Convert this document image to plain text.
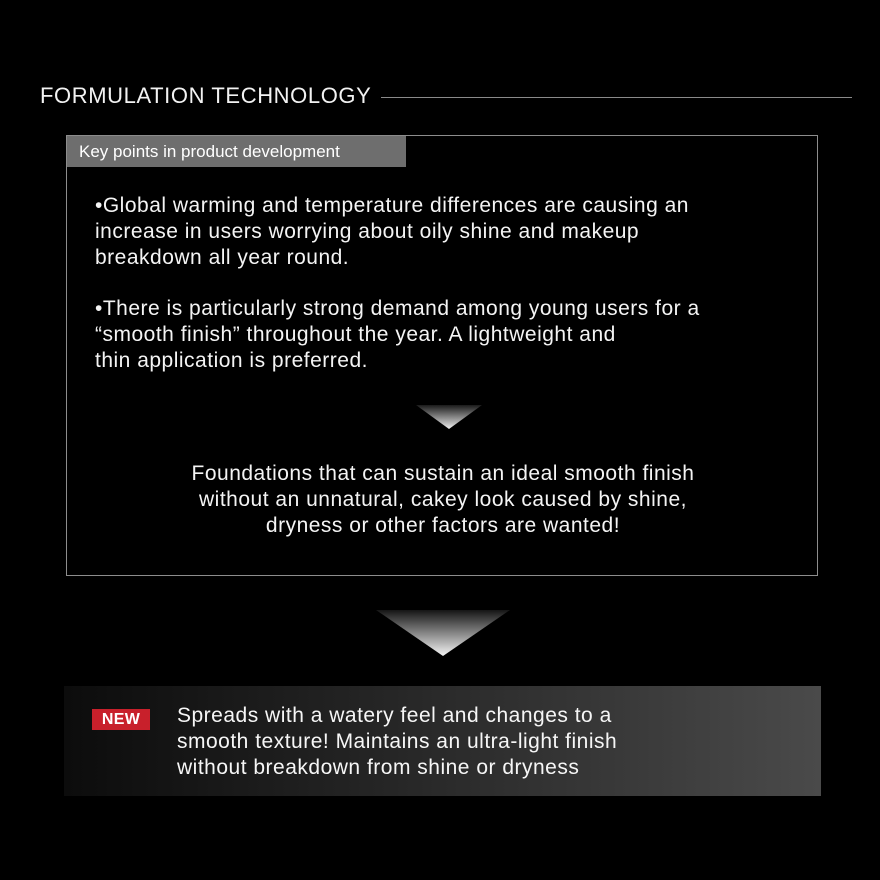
FORMULATION TECHNOLOGY
Key points in product development
•Global warming and temperature differences are causing an
increase in users worrying about oily shine and makeup
breakdown all year round.
•There is particularly strong demand among young users for a
“smooth finish” throughout the year. A lightweight and
thin application is preferred.
Foundations that can sustain an ideal smooth finish
without an unnatural, cakey look caused by shine,
dryness or other factors are wanted!
NEW	Spreads with a watery feel and changes to a
smooth texture! Maintains an ultra-light finish
without breakdown from shine or dryness
